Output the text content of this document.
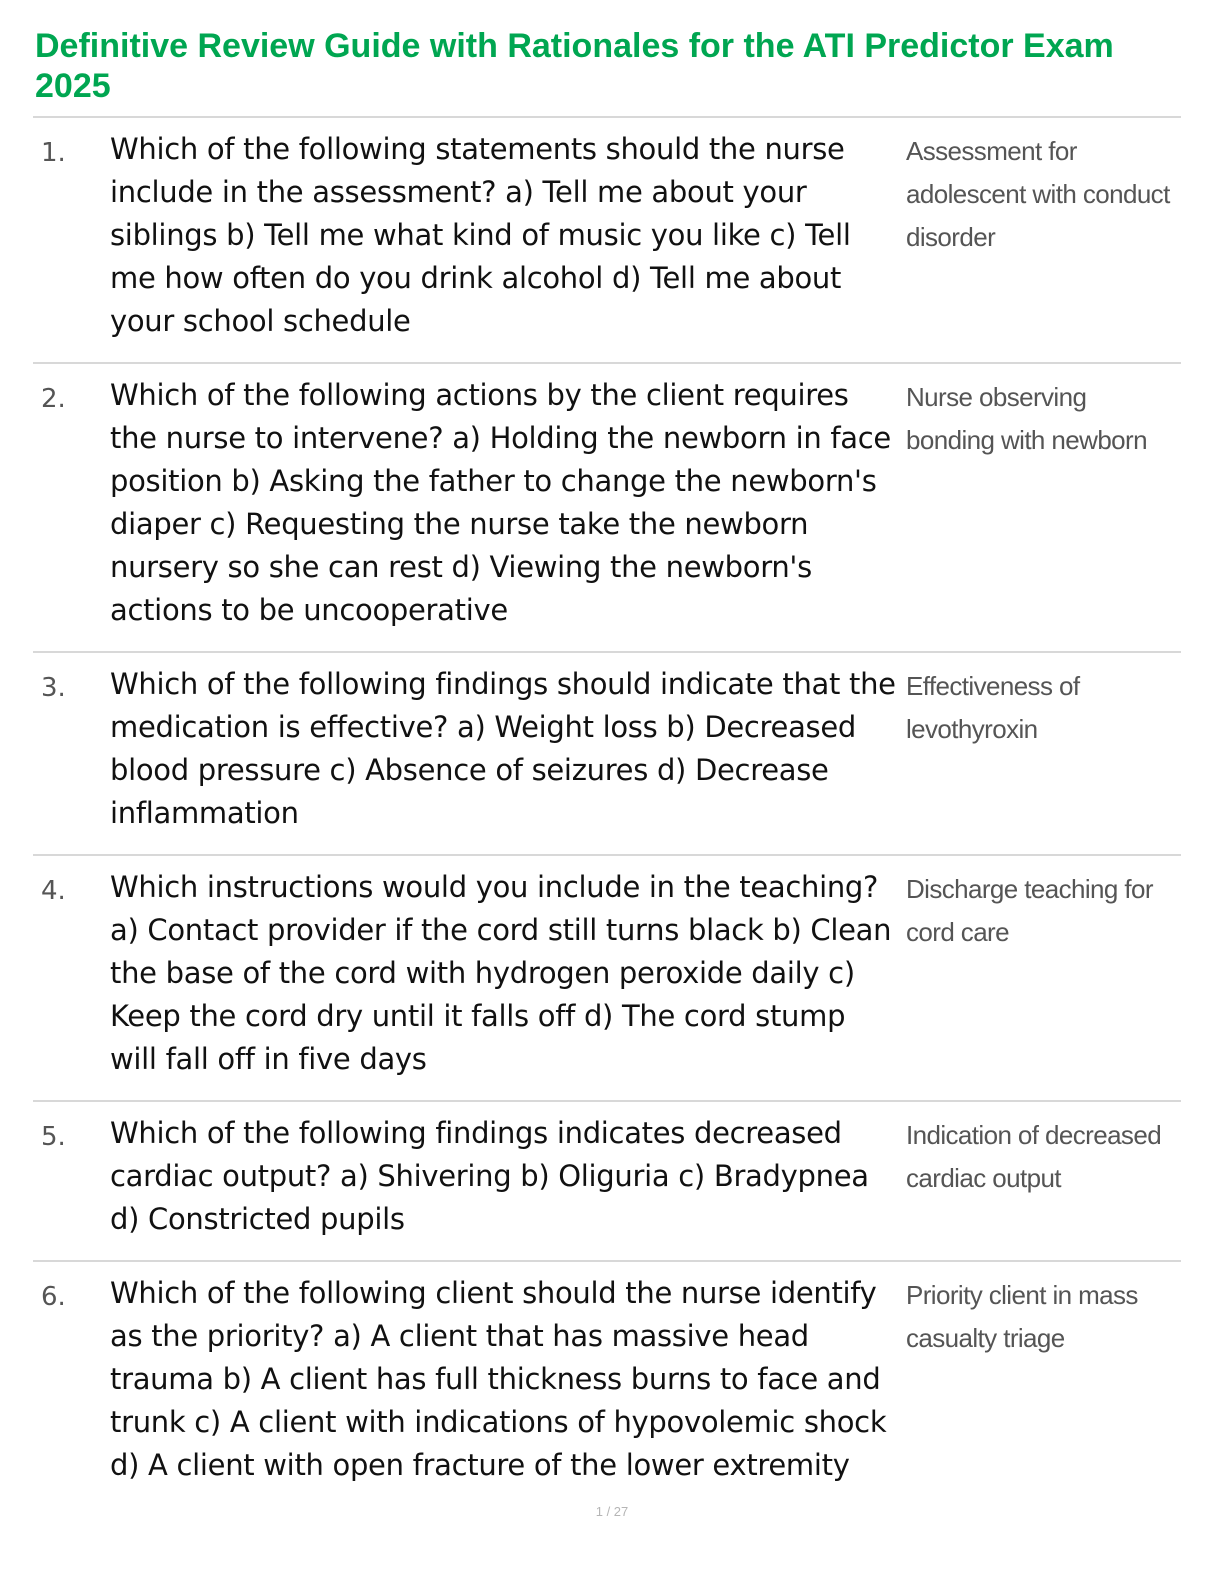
Definitive Review Guide with Rationales for the ATI Predictor Exam 2025
1. Which of the following statements should the nurse include in the assessment? a) Tell me about your siblings b) Tell me what kind of music you like c) Tell me how often do you drink alcohol d) Tell me about your school schedule
Assessment for adolescent with conduct disorder
2. Which of the following actions by the client requires the nurse to intervene? a) Holding the newborn in face position b) Asking the father to change the newborn's diaper c) Requesting the nurse take the newborn nursery so she can rest d) Viewing the newborn's actions to be uncooperative
Nurse observing bonding with newborn
3. Which of the following findings should indicate that the medication is effective? a) Weight loss b) Decreased blood pressure c) Absence of seizures d) Decrease inflammation
Effectiveness of levothyroxin
4. Which instructions would you include in the teaching? a) Contact provider if the cord still turns black b) Clean the base of the cord with hydrogen peroxide daily c) Keep the cord dry until it falls off d) The cord stump will fall off in five days
Discharge teaching for cord care
5. Which of the following findings indicates decreased cardiac output? a) Shivering b) Oliguria c) Bradypnea d) Constricted pupils
Indication of decreased cardiac output
6. Which of the following client should the nurse identify as the priority? a) A client that has massive head trauma b) A client has full thickness burns to face and trunk c) A client with indications of hypovolemic shock d) A client with open fracture of the lower extremity
Priority client in mass casualty triage
1 / 27
